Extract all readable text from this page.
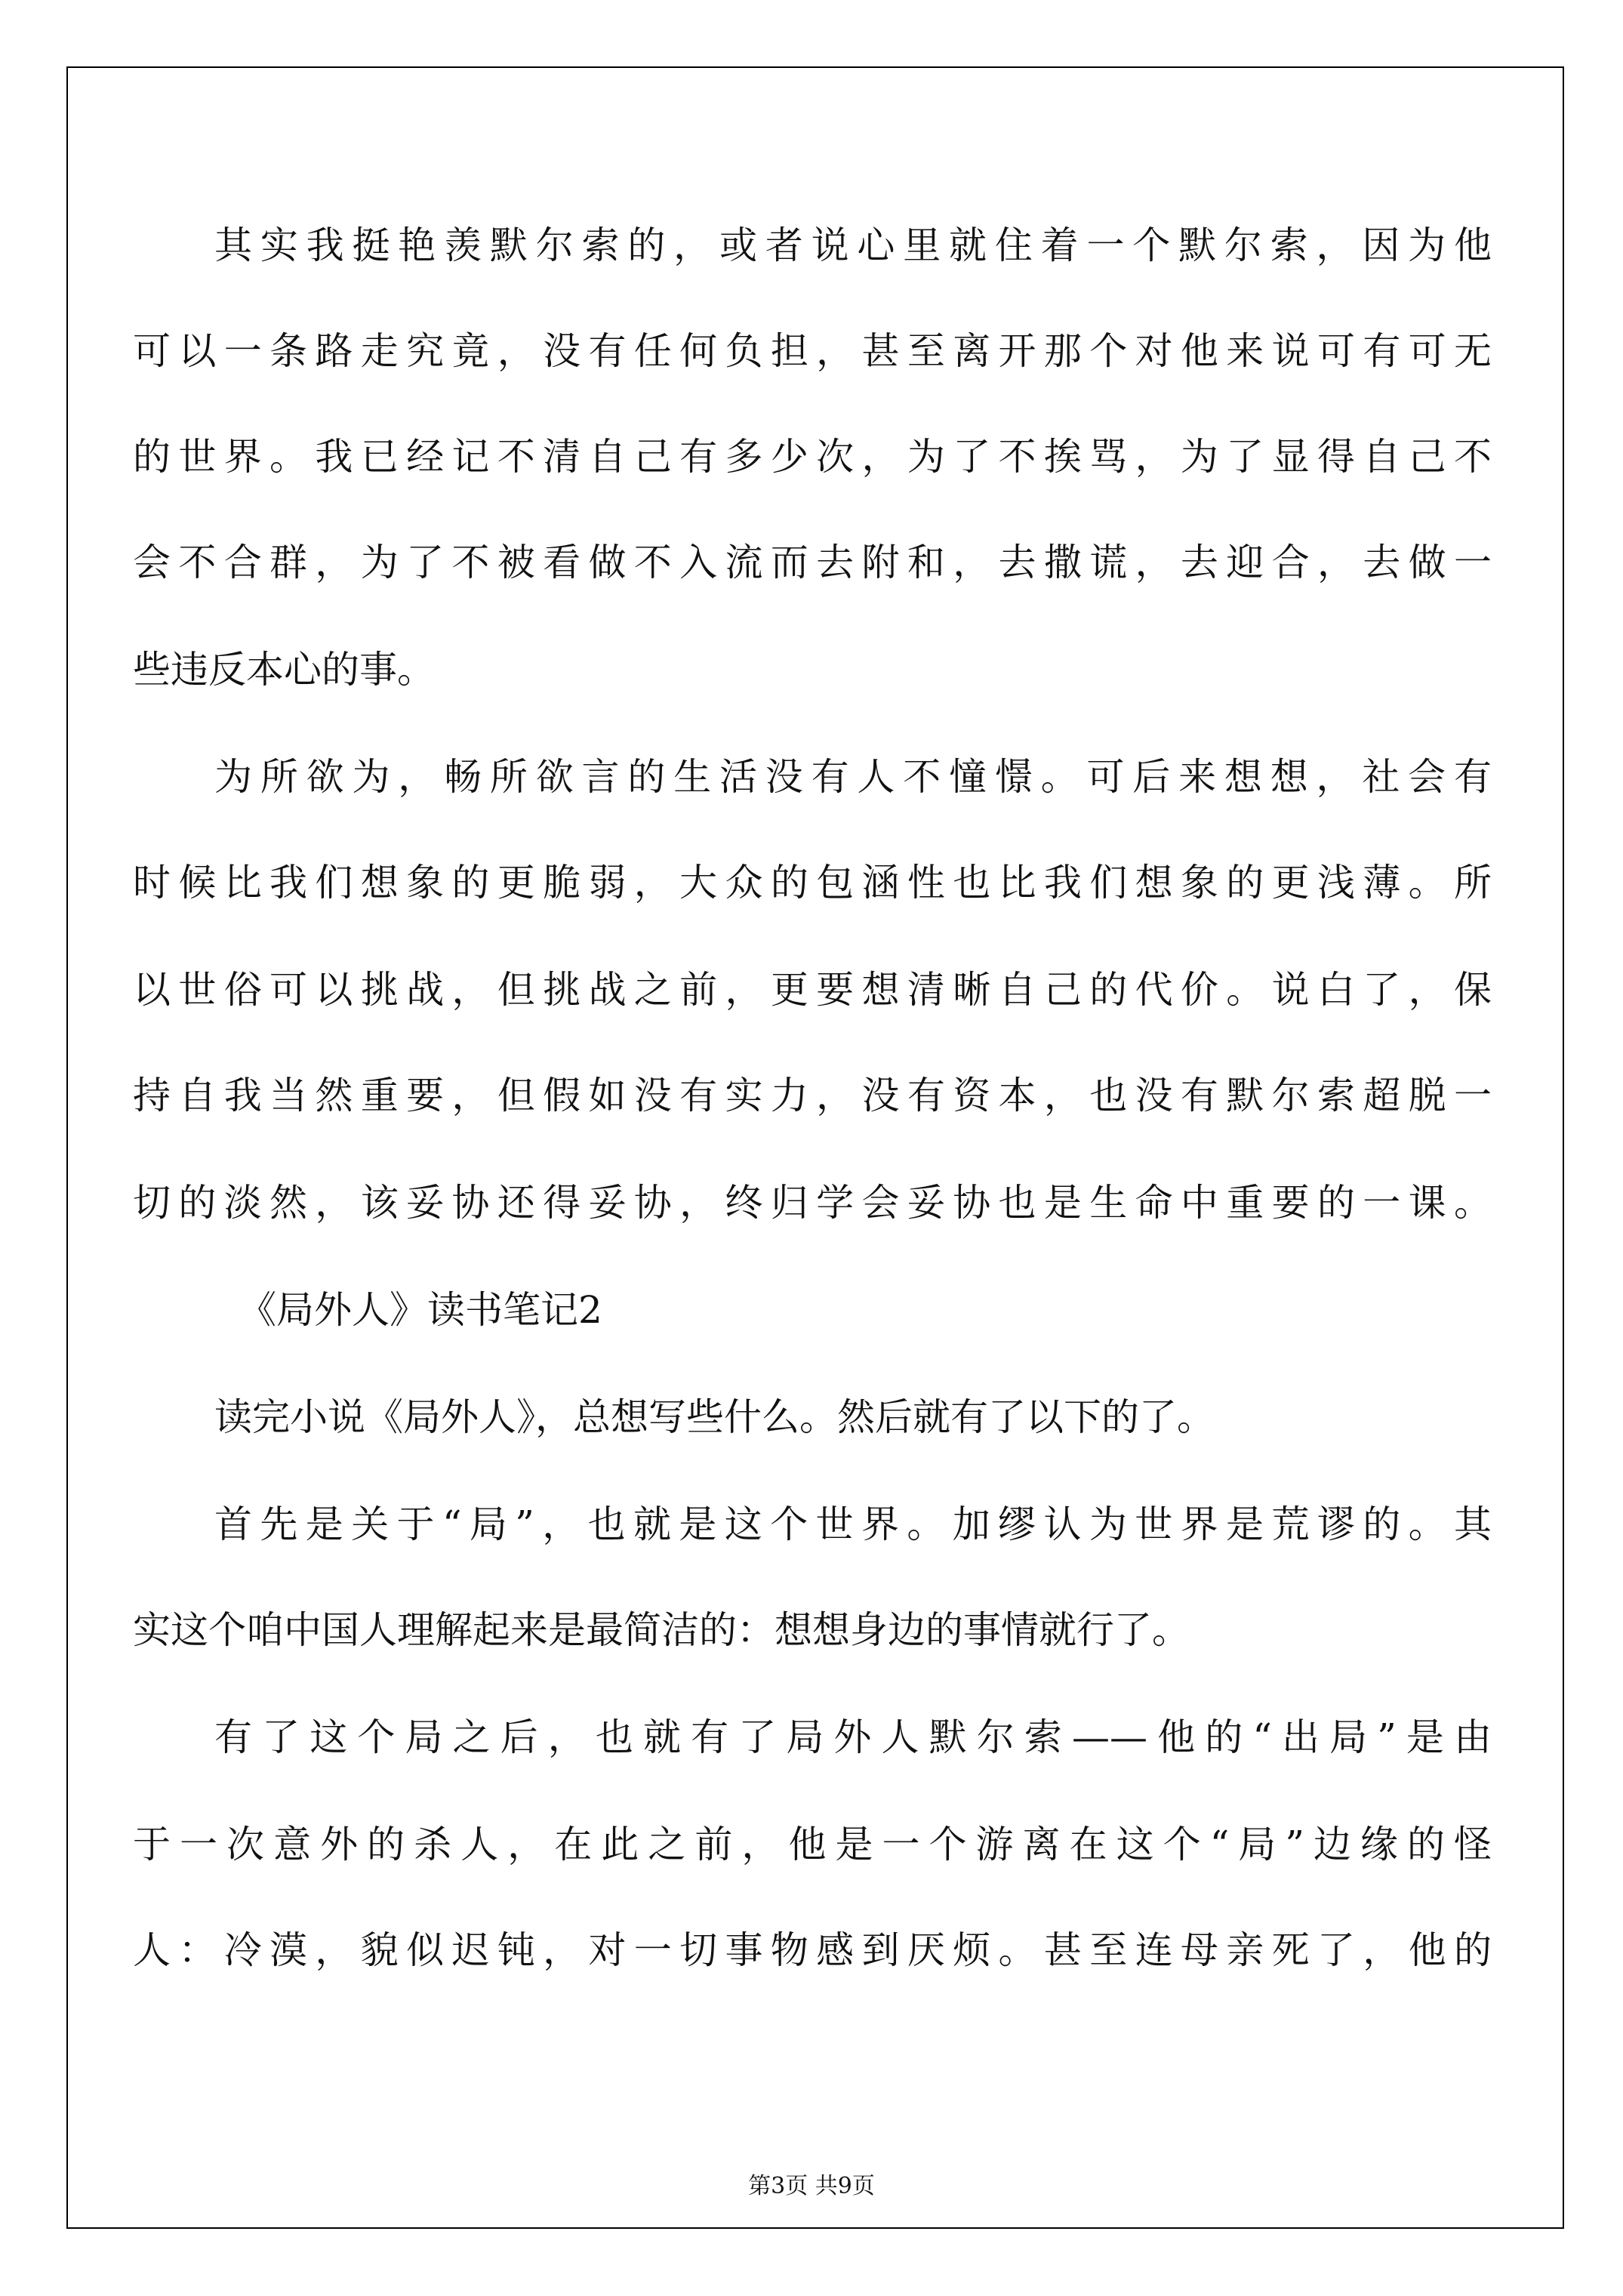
其实我挺艳羡默尔索的，或者说心里就住着一个默尔索，因为他
可以一条路走究竟，没有任何负担，甚至离开那个对他来说可有可无
的世界。我已经记不清自己有多少次，为了不挨骂，为了显得自己不
会不合群，为了不被看做不入流而去附和，去撒谎，去迎合，去做一
些违反本心的事。
为所欲为，畅所欲言的生活没有人不憧憬。可后来想想，社会有
时候比我们想象的更脆弱，大众的包涵性也比我们想象的更浅薄。所
以世俗可以挑战，但挑战之前，更要想清晰自己的代价。说白了，保
持自我当然重要，但假如没有实力，没有资本，也没有默尔索超脱一
切的淡然，该妥协还得妥协，终归学会妥协也是生命中重要的一课。
《局外人》读书笔记2
读完小说《局外人》，总想写些什么。然后就有了以下的了。
首先是关于“局”，也就是这个世界。加缪认为世界是荒谬的。其
实这个咱中国人理解起来是最简洁的：想想身边的事情就行了。
有了这个局之后，也就有了局外人默尔索——他的“出局”是由
于一次意外的杀人，在此之前，他是一个游离在这个“局”边缘的怪
人：冷漠，貌似迟钝，对一切事物感到厌烦。甚至连母亲死了，他的
第3页 共9页
